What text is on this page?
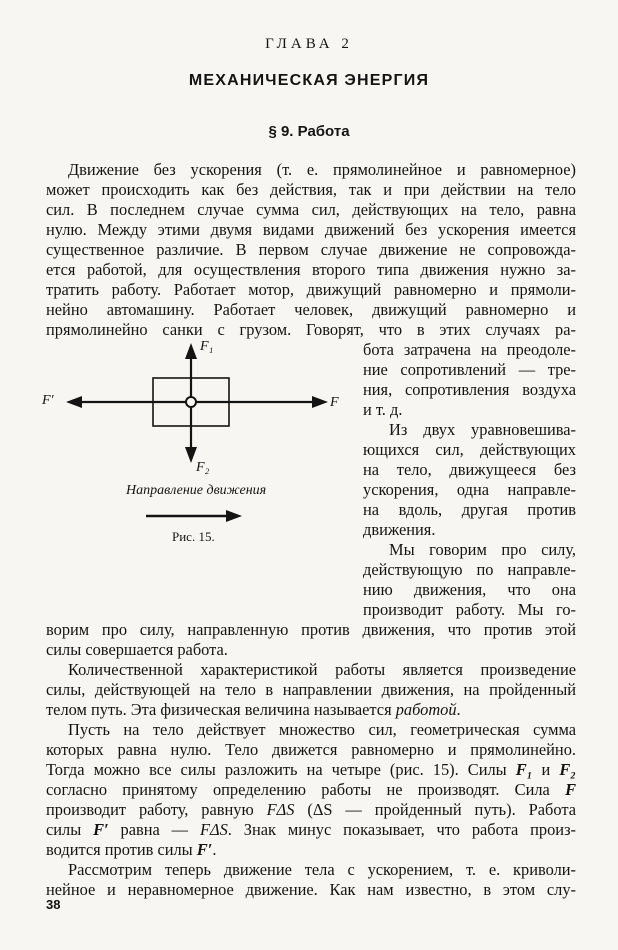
ГЛАВА 2
МЕХАНИЧЕСКАЯ ЭНЕРГИЯ
§ 9. Работа
Движение без ускорения (т. е. прямолинейное и равномерное)
может происходить как без действия, так и при действии на тело
сил. В последнем случае сумма сил, действующих на тело, равна
нулю. Между этими двумя видами движений без ускорения имеется
существенное различие. В первом случае движение не сопровожда-
ется работой, для осуществления второго типа движения нужно за-
тратить работу. Работает мотор, движущий равномерно и прямоли-
нейно автомашину. Работает человек, движущий равномерно и
прямолинейно санки с грузом. Говорят, что в этих случаях ра-
бота затрачена на преодоле-
ние сопротивлений — тре-
ния, сопротивления воздуха
и т. д.
Из двух уравновешива-
ющихся сил, действующих
на тело, движущееся без
ускорения, одна направле-
на вдоль, другая против
движения.
Мы говорим про силу,
действующую по направле-
нию движения, что она
производит работу. Мы го-
F₁
F₂
F′	F
Направление движения
Рис. 15.
ворим про силу, направленную против движения, что против этой
силы совершается работа.
Количественной характеристикой работы является произведение
силы, действующей на тело в направлении движения, на пройденный
телом путь. Эта физическая величина называется работой.
Пусть на тело действует множество сил, геометрическая сумма
которых равна нулю. Тело движется равномерно и прямолинейно.
Тогда можно все силы разложить на четыре (рис. 15). Силы F₁ и F₂
согласно принятому определению работы не производят. Сила F
производит работу, равную FΔS (ΔS — пройденный путь). Работа
силы F′ равна — FΔS. Знак минус показывает, что работа произ-
водится против силы F′.
Рассмотрим теперь движение тела с ускорением, т. е. криволи-
нейное и неравномерное движение. Как нам известно, в этом слу-
38
